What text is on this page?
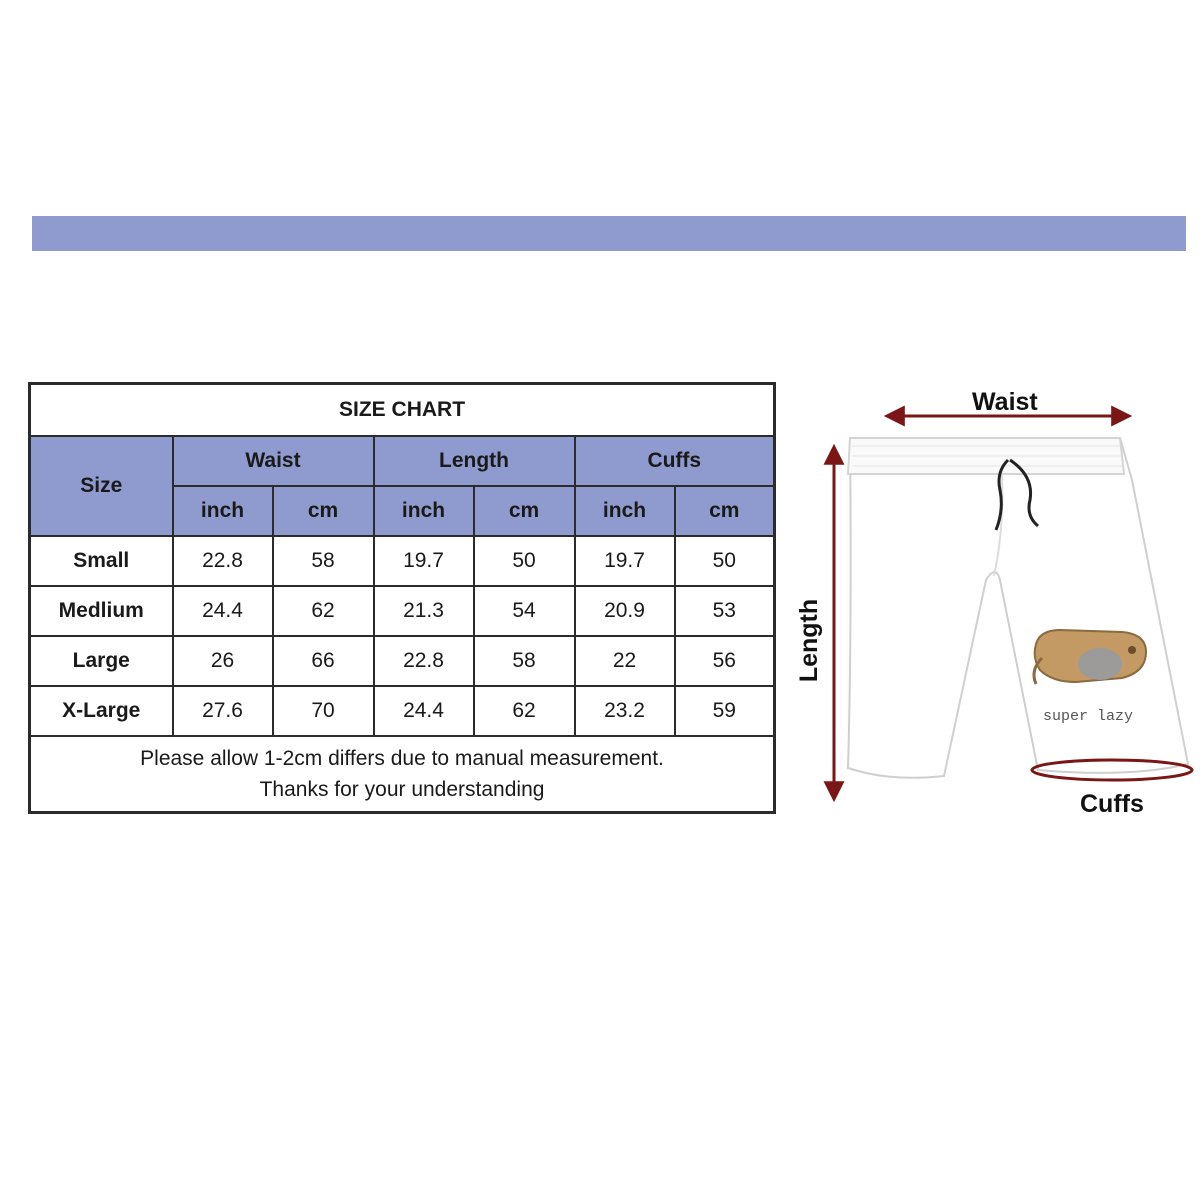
SIZE CHART						
Size	Waist		Length		Cuffs	
	inch	cm	inch	cm	inch	cm
Small	22.8	58	19.7	50	19.7	50
Medlium	24.4	62	21.3	54	20.9	53
Large	26	66	22.8	58	22	56
X-Large	27.6	70	24.4	62	23.2	59

Please allow 1-2cm differs due to manual measurement.
Thanks for your understanding						
super lazy
Waist
Length
Cuffs
